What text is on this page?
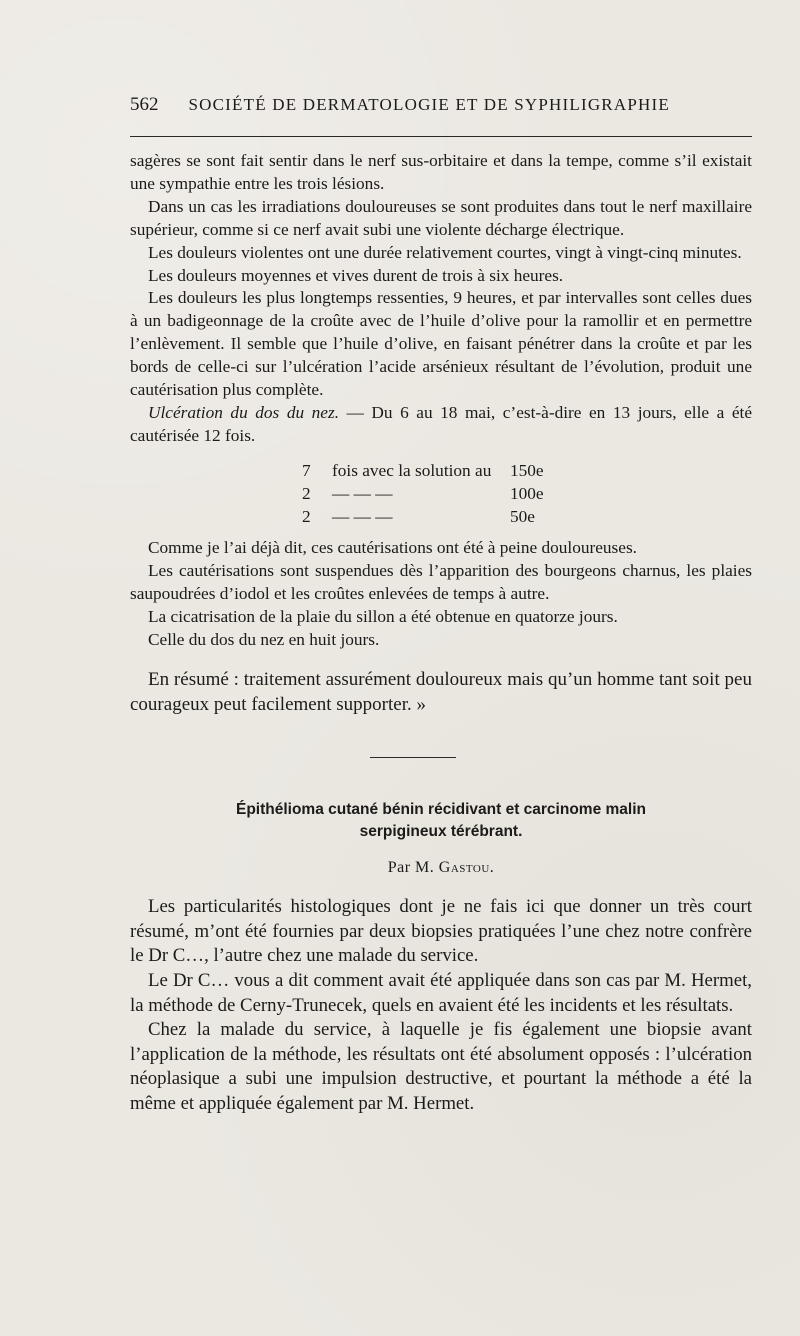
562 SOCIÉTÉ DE DERMATOLOGIE ET DE SYPHILIGRAPHIE

sagères se sont fait sentir dans le nerf sus-orbitaire et dans la tempe, comme s’il existait une sympathie entre les trois lésions.

Dans un cas les irradiations douloureuses se sont produites dans tout le nerf maxillaire supérieur, comme si ce nerf avait subi une violente décharge électrique.

Les douleurs violentes ont une durée relativement courtes, vingt à vingt-cinq minutes.

Les douleurs moyennes et vives durent de trois à six heures.

Les douleurs les plus longtemps ressenties, 9 heures, et par intervalles sont celles dues à un badigeonnage de la croûte avec de l’huile d’olive pour la ramollir et en permettre l’enlèvement. Il semble que l’huile d’olive, en faisant pénétrer dans la croûte et par les bords de celle-ci sur l’ulcération l’acide arsénieux résultant de l’évolution, produit une cautérisation plus complète.

Ulcération du dos du nez. — Du 6 au 18 mai, c’est-à-dire en 13 jours, elle a été cautérisée 12 fois.

7 fois avec la solution au 150e
2 — — —	100e
2 — — —	50e

Comme je l’ai déjà dit, ces cautérisations ont été à peine douloureuses.

Les cautérisations sont suspendues dès l’apparition des bourgeons charnus, les plaies saupoudrées d’iodol et les croûtes enlevées de temps à autre.

La cicatrisation de la plaie du sillon a été obtenue en quatorze jours.

Celle du dos du nez en huit jours.

En résumé : traitement assurément douloureux mais qu’un homme tant soit peu courageux peut facilement supporter. »

Épithélioma cutané bénin récidivant et carcinome malin
serpigineux térébrant.
Par M. Gastou.

Les particularités histologiques dont je ne fais ici que donner un très court résumé, m’ont été fournies par deux biopsies pratiquées l’une chez notre confrère le Dr C…, l’autre chez une malade du service.

Le Dr C… vous a dit comment avait été appliquée dans son cas par M. Hermet, la méthode de Cerny-Trunecek, quels en avaient été les incidents et les résultats.

Chez la malade du service, à laquelle je fis également une biopsie avant l’application de la méthode, les résultats ont été absolument opposés : l’ulcération néoplasique a subi une impulsion destructive, et pourtant la méthode a été la même et appliquée également par M. Hermet.
